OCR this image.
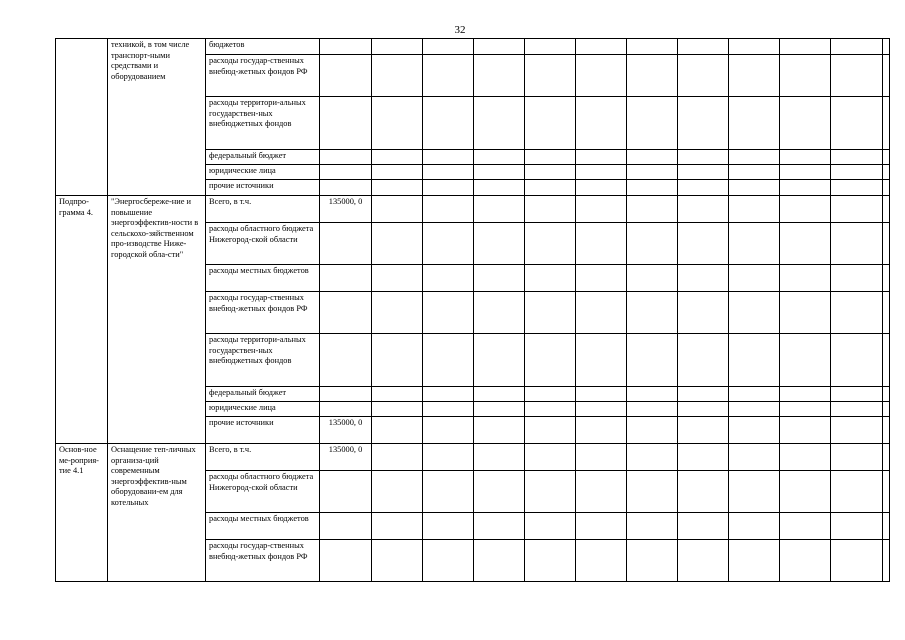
32
	техникой, в том числе транспорт-ными средствами и оборудованием	бюджетов												
		расходы государ-ственных внебюд-жетных фондов РФ												
		расходы территори-альных государствен-ных внебюджетных фондов												
		федеральный бюджет												
		юридические лица												
		прочие источники												
Подпро-грамма 4.	"Энергосбереже-ние и повышение энергоэффектив-ности в сельскохо-зяйственном про-изводстве Ниже-городской обла-сти"	Всего, в т.ч.	135000, 0											
		расходы областного бюджета Нижегород-ской области												
		расходы местных бюджетов												
		расходы государ-ственных внебюд-жетных фондов РФ												
		расходы территори-альных государствен-ных внебюджетных фондов												
		федеральный бюджет												
		юридические лица												
		прочие источники	135000, 0											
Основ-ное ме-роприя-тие 4.1	Оснащение теп-личных организа-ций современным энергоэффектив-ным оборудовани-ем для котельных	Всего, в т.ч.	135000, 0											
		расходы областного бюджета Нижегород-ской области												
		расходы местных бюджетов												
		расходы государ-ственных внебюд-жетных фондов РФ												
